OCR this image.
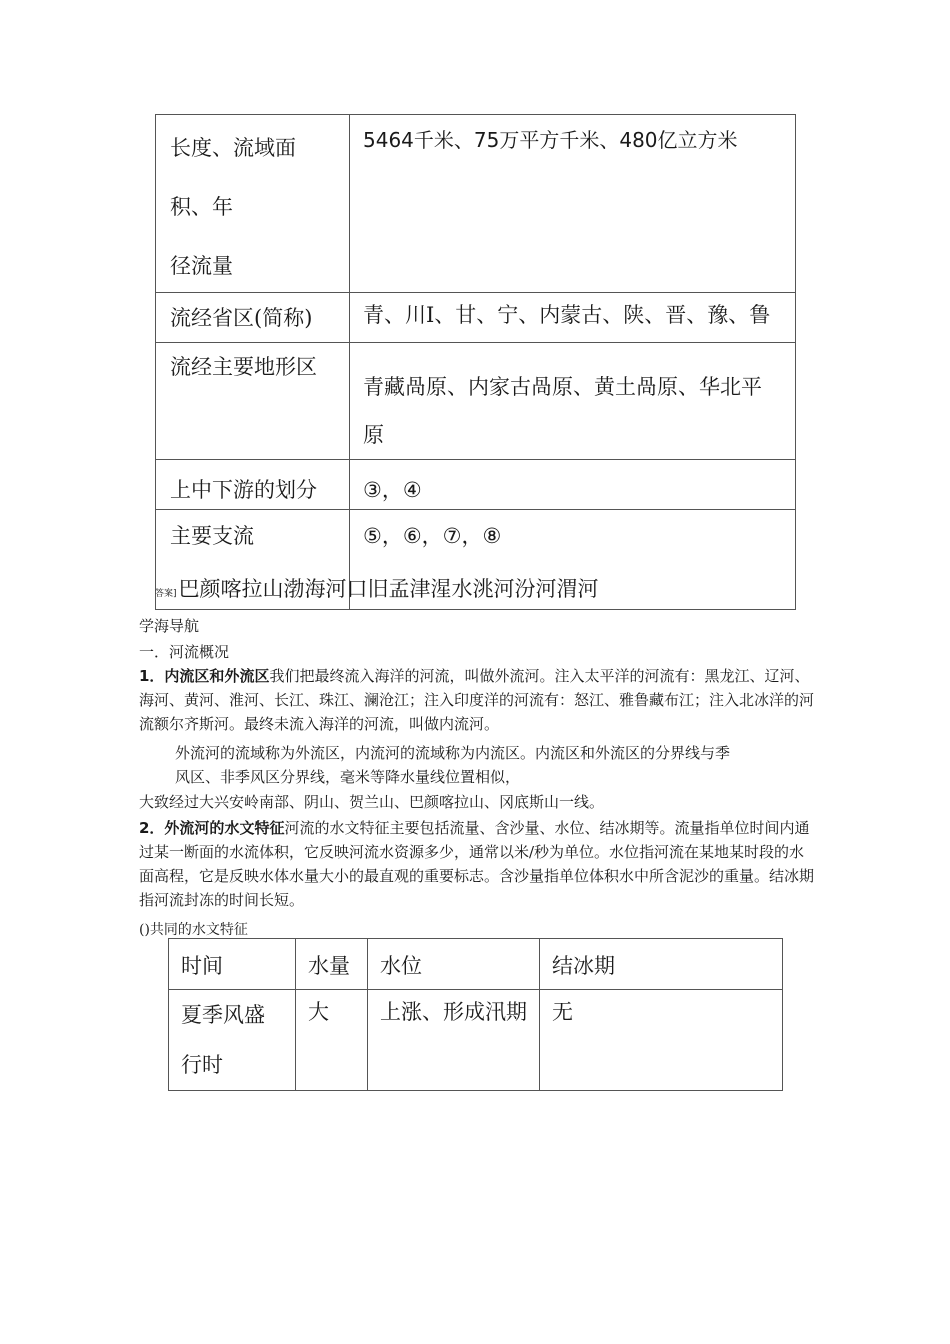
长度、流域面
积、年
径流量	5464千米、75万平方千米、480亿立方米

流经省区(简称)	青、川I、甘、宁、内蒙古、陕、晋、豫、鲁

流经主要地形区	青藏咼原、内家古咼原、黄土咼原、华北平
原

上中下游的划分	③，④

主要支流	⑤，⑥，⑦，⑧
答案]巴颜喀拉山渤海河口旧孟津湦水洮河汾河渭河
学海导航
一．河流概况
1．内流区和外流区我们把最终流入海洋的河流，叫做外流河。注入太平洋的河流有：黑龙江、辽河、海河、黄河、淮河、长江、珠江、澜沧江；注入印度洋的河流有：怒江、雅鲁藏布江；注入北冰洋的河流额尔齐斯河。最终未流入海洋的河流，叫做内流河。
外流河的流域称为外流区，内流河的流域称为内流区。内流区和外流区的分界线与季
风区、非季风区分界线，毫米等降水量线位置相似，
大致经过大兴安岭南部、阴山、贺兰山、巴颜喀拉山、冈底斯山一线。
2．外流河的水文特征河流的水文特征主要包括流量、含沙量、水位、结冰期等。流量指单位时间内通过某一断面的水流体积，它反映河流水资源多少，通常以米/秒为单位。水位指河流在某地某时段的水面高程，它是反映水体水量大小的最直观的重要标志。含沙量指单位体积水中所含泥沙的重量。结冰期指河流封冻的时间长短。
()共同的水文特征
时间	水量	水位	结冰期

夏季风盛
行时	大	上涨、形成汛期	无
